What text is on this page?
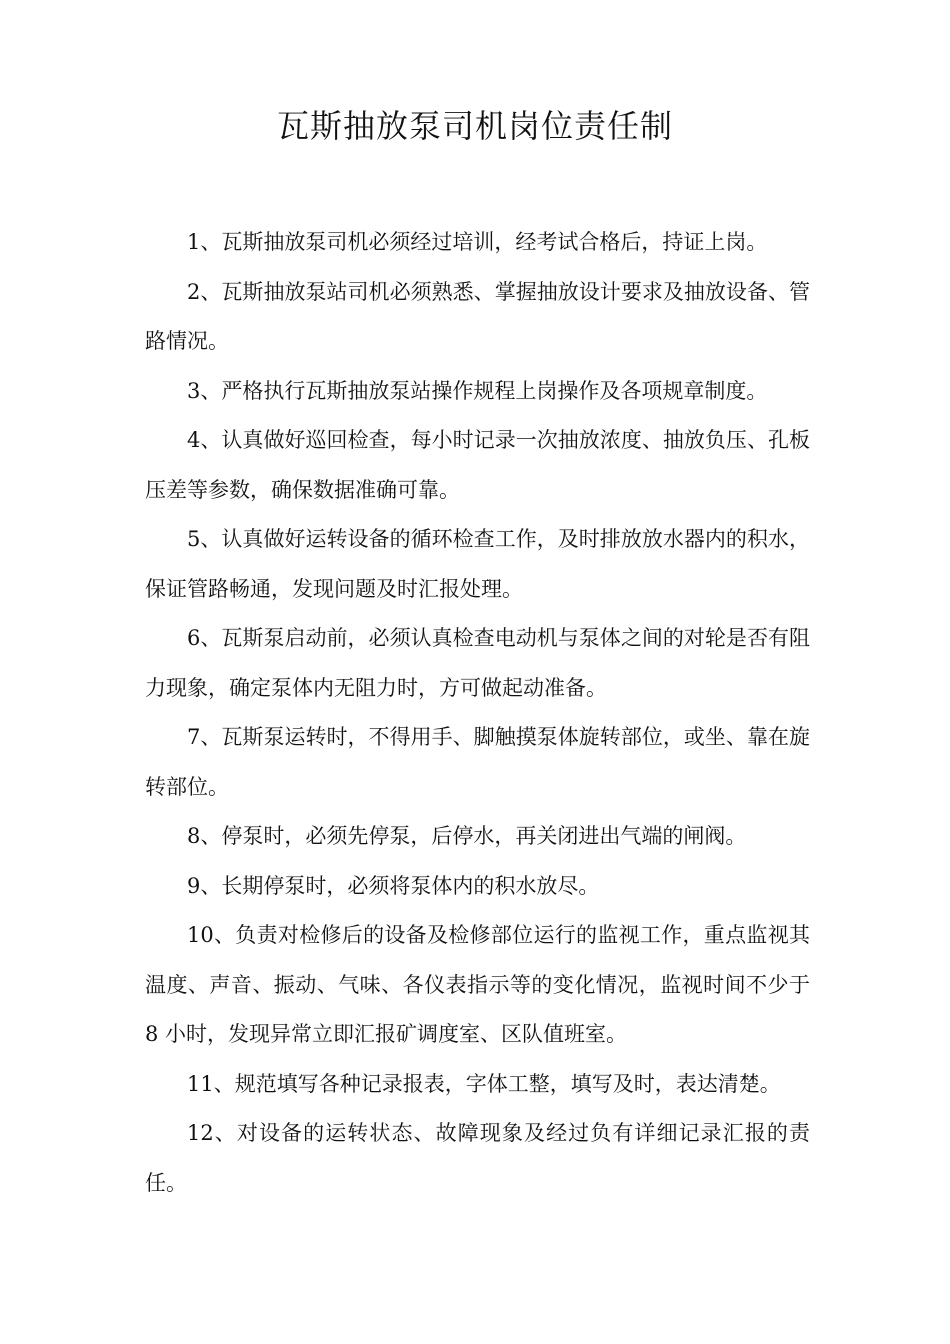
瓦斯抽放泵司机岗位责任制

1、瓦斯抽放泵司机必须经过培训，经考试合格后，持证上岗。

2、瓦斯抽放泵站司机必须熟悉、掌握抽放设计要求及抽放设备、管路情况。

3、严格执行瓦斯抽放泵站操作规程上岗操作及各项规章制度。

4、认真做好巡回检查，每小时记录一次抽放浓度、抽放负压、孔板压差等参数，确保数据准确可靠。

5、认真做好运转设备的循环检查工作，及时排放放水器内的积水，保证管路畅通，发现问题及时汇报处理。

6、瓦斯泵启动前，必须认真检查电动机与泵体之间的对轮是否有阻力现象，确定泵体内无阻力时，方可做起动准备。

7、瓦斯泵运转时，不得用手、脚触摸泵体旋转部位，或坐、靠在旋转部位。

8、停泵时，必须先停泵，后停水，再关闭进出气端的闸阀。

9、长期停泵时，必须将泵体内的积水放尽。

10、负责对检修后的设备及检修部位运行的监视工作，重点监视其温度、声音、振动、气味、各仪表指示等的变化情况，监视时间不少于 8 小时，发现异常立即汇报矿调度室、区队值班室。

11、规范填写各种记录报表，字体工整，填写及时，表达清楚。

12、对设备的运转状态、故障现象及经过负有详细记录汇报的责任。
